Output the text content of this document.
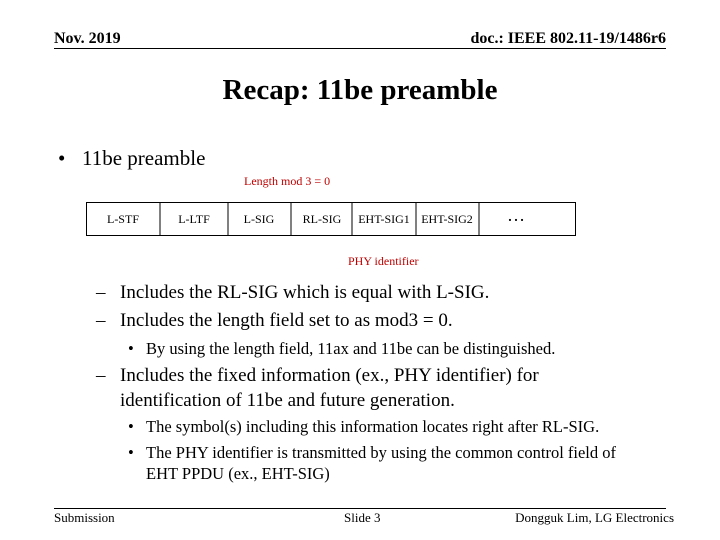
Nov. 2019	doc.: IEEE 802.11-19/1486r6
Recap: 11be preamble
• 11be preamble
Length mod 3 = 0
L-STF	L-LTF	L-SIG RL-SIG EHT-SIG1 EHT-SIG2 …
PHY identifier
– Includes the RL-SIG which is equal with L-SIG.
– Includes the length field set to as mod3 = 0.
• By using the length field, 11ax and 11be can be distinguished.
– Includes the fixed information (ex., PHY identifier) for
identification of 11be and future generation.
• The symbol(s) including this information locates right after RL-SIG.
• The PHY identifier is transmitted by using the common control field of
EHT PPDU (ex., EHT-SIG)
Submission	Slide 3	Dongguk Lim, LG Electronics
